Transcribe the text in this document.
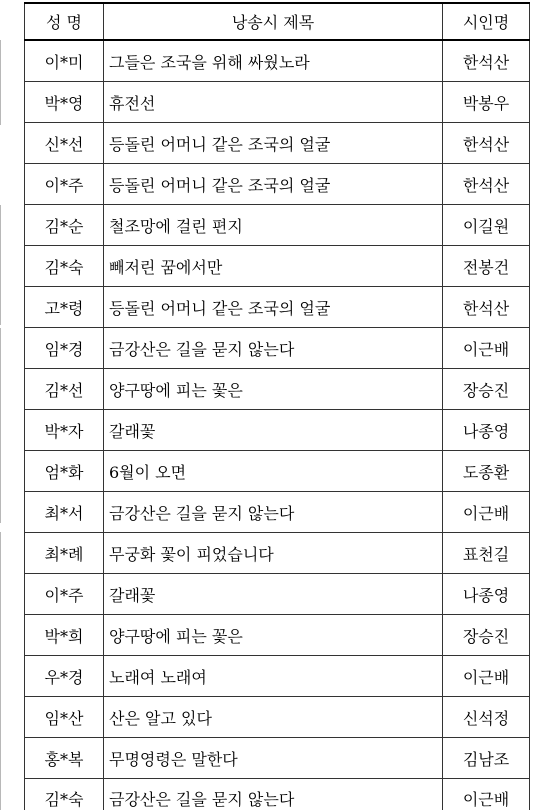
성 명	낭송시 제목	시인명
이*미	그들은 조국을 위해 싸웠노라	한석산
박*영	휴전선	박봉우
신*선	등돌린 어머니 같은 조국의 얼굴	한석산
이*주	등돌린 어머니 같은 조국의 얼굴	한석산
김*순	철조망에 걸린 편지	이길원
김*숙	빼저린 꿈에서만	전봉건
고*령	등돌린 어머니 같은 조국의 얼굴	한석산
임*경	금강산은 길을 묻지 않는다	이근배
김*선	양구땅에 피는 꽃은	장승진
박*자	갈래꽃	나종영
엄*화	6월이 오면	도종환
최*서	금강산은 길을 묻지 않는다	이근배
최*례	무궁화 꽃이 피었습니다	표천길
이*주	갈래꽃	나종영
박*희	양구땅에 피는 꽃은	장승진
우*경	노래여 노래여	이근배
임*산	산은 알고 있다	신석정
홍*복	무명영령은 말한다	김남조
김*숙	금강산은 길을 묻지 않는다	이근배
